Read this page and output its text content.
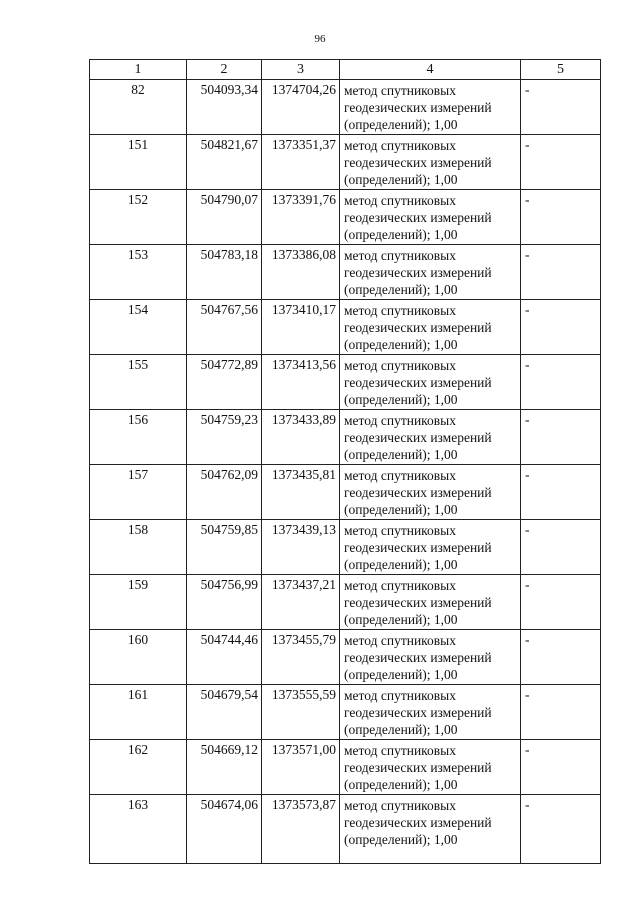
96
1	2	3	4	5
82	504093,34	1374704,26	метод спутниковых
геодезических измерений
(определений); 1,00	-
151	504821,67	1373351,37	метод спутниковых
геодезических измерений
(определений); 1,00	-
152	504790,07	1373391,76	метод спутниковых
геодезических измерений
(определений); 1,00	-
153	504783,18	1373386,08	метод спутниковых
геодезических измерений
(определений); 1,00	-
154	504767,56	1373410,17	метод спутниковых
геодезических измерений
(определений); 1,00	-
155	504772,89	1373413,56	метод спутниковых
геодезических измерений
(определений); 1,00	-
156	504759,23	1373433,89	метод спутниковых
геодезических измерений
(определений); 1,00	-
157	504762,09	1373435,81	метод спутниковых
геодезических измерений
(определений); 1,00	-
158	504759,85	1373439,13	метод спутниковых
геодезических измерений
(определений); 1,00	-
159	504756,99	1373437,21	метод спутниковых
геодезических измерений
(определений); 1,00	-
160	504744,46	1373455,79	метод спутниковых
геодезических измерений
(определений); 1,00	-
161	504679,54	1373555,59	метод спутниковых
геодезических измерений
(определений); 1,00	-
162	504669,12	1373571,00	метод спутниковых
геодезических измерений
(определений); 1,00	-
163	504674,06	1373573,87	метод спутниковых
геодезических измерений
(определений); 1,00	-
